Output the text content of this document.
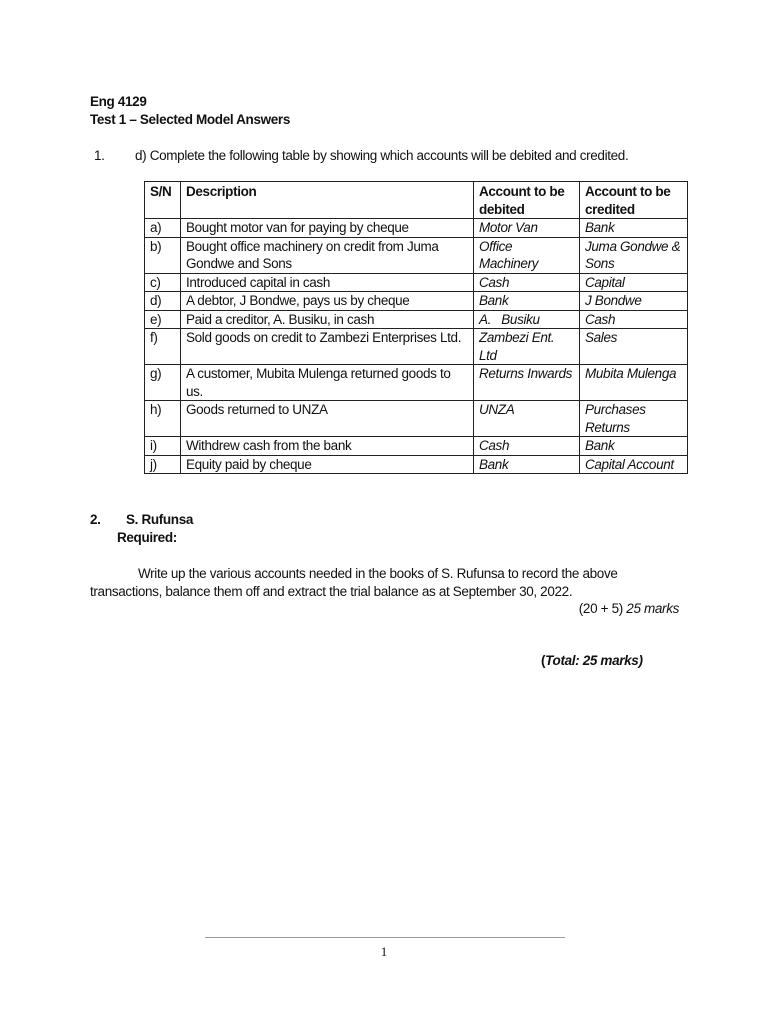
Eng 4129
Test 1 – Selected Model Answers
1. d) Complete the following table by showing which accounts will be debited and credited.
S/N	Description	Account to be debited	Account to be credited
a)	Bought motor van for paying by cheque	Motor Van	Bank
b)	Bought office machinery on credit from Juma Gondwe and Sons	Office Machinery	Juma Gondwe & Sons
c)	Introduced capital in cash	Cash	Capital
d)	A debtor, J Bondwe, pays us by cheque	Bank	J Bondwe
e)	Paid a creditor, A. Busiku, in cash	A.   Busiku	Cash
f)	Sold goods on credit to Zambezi Enterprises Ltd.	Zambezi Ent. Ltd	Sales
g)	A customer, Mubita Mulenga returned goods to us.	Returns Inwards	Mubita Mulenga
h)	Goods returned to UNZA	UNZA	Purchases Returns
i)	Withdrew cash from the bank	Cash	Bank
j)	Equity paid by cheque	Bank	Capital Account
2. S. Rufunsa
Required:
Write up the various accounts needed in the books of S. Rufunsa to record the above transactions, balance them off and extract the trial balance as at September 30, 2022.
(20 + 5) 25 marks
(Total: 25 marks)
1
